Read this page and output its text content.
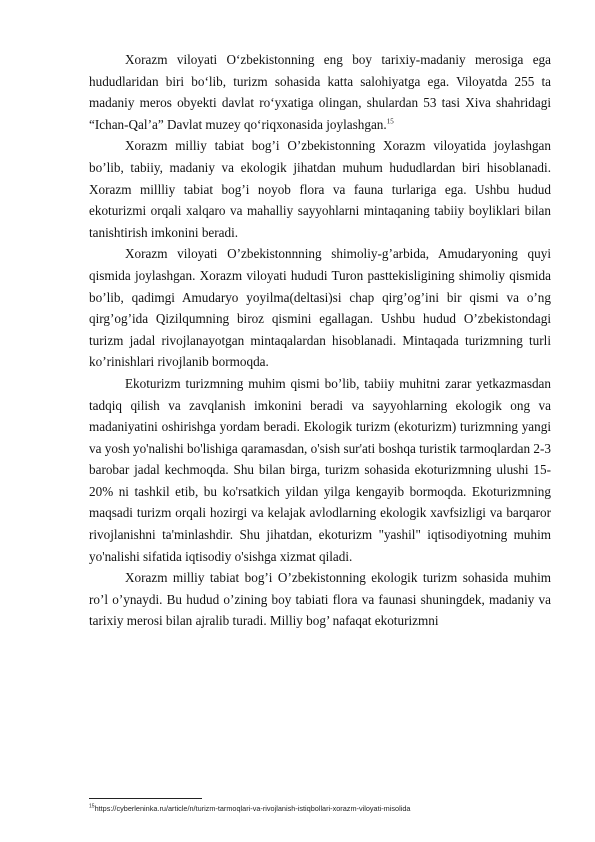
Xorazm viloyati O‘zbekistonning eng boy tarixiy-madaniy merosiga ega hududlaridan biri bo‘lib, turizm sohasida katta salohiyatga ega. Viloyatda 255 ta madaniy meros obyekti davlat ro‘yxatiga olingan, shulardan 53 tasi Xiva shahridagi “Ichan-Qal’a” Davlat muzey qo‘riqxonasida joylashgan.$^{15}$

Xorazm milliy tabiat bog’i O’zbekistonning Xorazm viloyatida joylashgan bo’lib, tabiiy, madaniy va ekologik jihatdan muhum hududlardan biri hisoblanadi. Xorazm millliy tabiat bog’i noyob flora va fauna turlariga ega. Ushbu hudud ekoturizmi orqali xalqaro va mahalliy sayyohlarni mintaqaning tabiiy boyliklari bilan tanishtirish imkonini beradi.

Xorazm viloyati O’zbekistonnning shimoliy-g’arbida, Amudaryoning quyi qismida joylashgan. Xorazm viloyati hududi Turon pasttekisligining shimoliy qismida bo’lib, qadimgi Amudaryo yoyilma(deltasi)si chap qirg’og’ini bir qismi va o’ng qirg’og’ida Qizilqumning biroz qismini egallagan. Ushbu hudud O’zbekistondagi turizm jadal rivojlanayotgan mintaqalardan hisoblanadi. Mintaqada turizmning turli ko’rinishlari rivojlanib bormoqda.

Ekoturizm turizmning muhim qismi bo’lib, tabiiy muhitni zarar yetkazmasdan tadqiq qilish va zavqlanish imkonini beradi va sayyohlarning ekologik ong va madaniyatini oshirishga yordam beradi. Ekologik turizm (ekoturizm) turizmning yangi va yosh yo'nalishi bo'lishiga qaramasdan, o'sish sur'ati boshqa turistik tarmoqlardan 2-3 barobar jadal kechmoqda. Shu bilan birga, turizm sohasida ekoturizmning ulushi 15-20% ni tashkil etib, bu ko'rsatkich yildan yilga kengayib bormoqda. Ekoturizmning maqsadi turizm orqali hozirgi va kelajak avlodlarning ekologik xavfsizligi va barqaror rivojlanishni ta'minlashdir. Shu jihatdan, ekoturizm "yashil" iqtisodiyotning muhim yo'nalishi sifatida iqtisodiy o'sishga xizmat qiladi.

Xorazm milliy tabiat bog’i O’zbekistonning ekologik turizm sohasida muhim ro’l o’ynaydi. Bu hudud o’zining boy tabiati flora va faunasi shuningdek, madaniy va tarixiy merosi bilan ajralib turadi. Milliy bog’ nafaqat ekoturizmni

$^{15}$https://cyberleninka.ru/article/n/turizm-tarmoqlari-va-rivojlanish-istiqbollari-xorazm-viloyati-misolida
